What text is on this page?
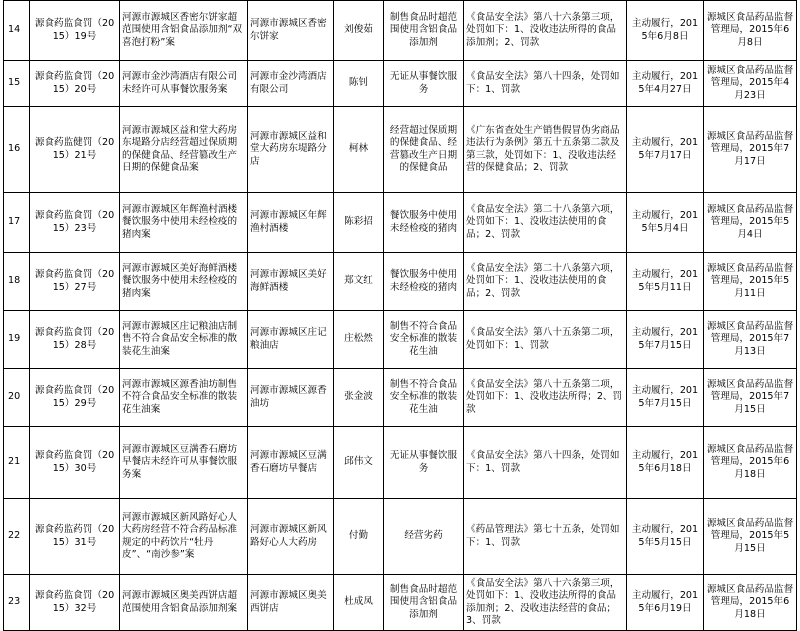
14	源食药监食罚（2015）19号	河源市源城区香密尔饼家超范围使用含铝食品添加剂“双喜泡打粉”案	河源市源城区香密尔饼家	刘俊茹	制售食品时超范围使用含铝食品添加剂	《食品安全法》第八十六条第三项，处罚如下：1、没收违法所得的食品添加剂；2、罚款	主动履行，2015年6月8日	源城区食品药品监督管理局，2015年6月8日
15	源食药监食罚（2015）20号	河源市金沙湾酒店有限公司未经许可从事餐饮服务案	河源市金沙湾酒店有限公司	陈钊	无证从事餐饮服务	《食品安全法》第八十四条，处罚如下：1、罚款	主动履行，2015年4月27日	源城区食品药品监督管理局，2015年4月23日
16	源食药监健罚（2015）21号	河源市源城区益和堂大药房东堤路分店经营超过保质期的保健食品、经营篡改生产日期的保健食品案	河源市源城区益和堂大药房东堤路分店	柯林	经营超过保质期的保健食品、经营篡改生产日期的保健食品	《广东省查处生产销售假冒伪劣商品违法行为条例》第五十五条第二款及第三款，处罚如下：1、没收违法经营的保健食品；2、罚款	主动履行，2015年7月17日	源城区食品药品监督管理局，2015年7月17日
17	源食药监食罚（2015）23号	河源市源城区年辉渔村酒楼餐饮服务中使用未经检疫的猪肉案	河源市源城区年辉渔村酒楼	陈彩招	餐饮服务中使用未经检疫的猪肉	《食品安全法》第二十八条第六项，处罚如下：1、没收违法使用的食品；2、罚款	主动履行，2015年5月4日	源城区食品药品监督管理局，2015年5月4日
18	源食药监食罚（2015）27号	河源市源城区美好海鲜酒楼餐饮服务中使用未经检疫的猪肉案	河源市源城区美好海鲜酒楼	郑文红	餐饮服务中使用未经检疫的猪肉	《食品安全法》第二十八条第六项，处罚如下：1、没收违法使用的食品；2、罚款	主动履行，2015年5月11日	源城区食品药品监督管理局，2015年5月11日
19	源食药监食罚（2015）28号	河源市源城区庄记粮油店制售不符合食品安全标准的散装花生油案	河源市源城区庄记粮油店	庄松然	制售不符合食品安全标准的散装花生油	《食品安全法》第八十五条第二项，处罚如下：1、罚款	主动履行，2015年7月15日	源城区食品药品监督管理局，2015年7月13日
20	源食药监食罚（2015）29号	河源市源城区源香油坊制售不符合食品安全标准的散装花生油案	河源市源城区源香油坊	张金波	制售不符合食品安全标准的散装花生油	《食品安全法》第八十五条第二项，处罚如下：1、没收违法所得；2、罚款	主动履行，2015年7月15日	源城区食品药品监督管理局，2015年7月15日
21	源食药监食罚（2015）30号	河源市源城区豆满香石磨坊早餐店未经许可从事餐饮服务案	河源市源城区豆满香石磨坊早餐店	邱伟文	无证从事餐饮服务	《食品安全法》第八十四条，处罚如下：1、罚款	主动履行，2015年6月18日	源城区食品药品监督管理局，2015年6月18日
22	源食药监药罚（2015）31号	河源市源城区新风路好心人大药房经营不符合药品标准规定的中药饮片“牡丹皮”、“南沙参”案	河源市源城区新风路好心人大药房	付勤	经营劣药	《药品管理法》第七十五条，处罚如下：1、罚款	主动履行，2015年5月15日	源城区食品药品监督管理局，2015年5月15日
23	源食药监食罚（2015）32号	河源市源城区奥美西饼店超范围使用含铝食品添加剂案	河源市源城区奥美西饼店	杜成凤	制售食品时超范围使用含铝食品添加剂	《食品安全法》第八十六条第三项，处罚如下：1、没收违法所得的食品添加剂；2、没收违法经营的食品；3、罚款	主动履行，2015年6月19日	源城区食品药品监督管理局，2015年6月18日
